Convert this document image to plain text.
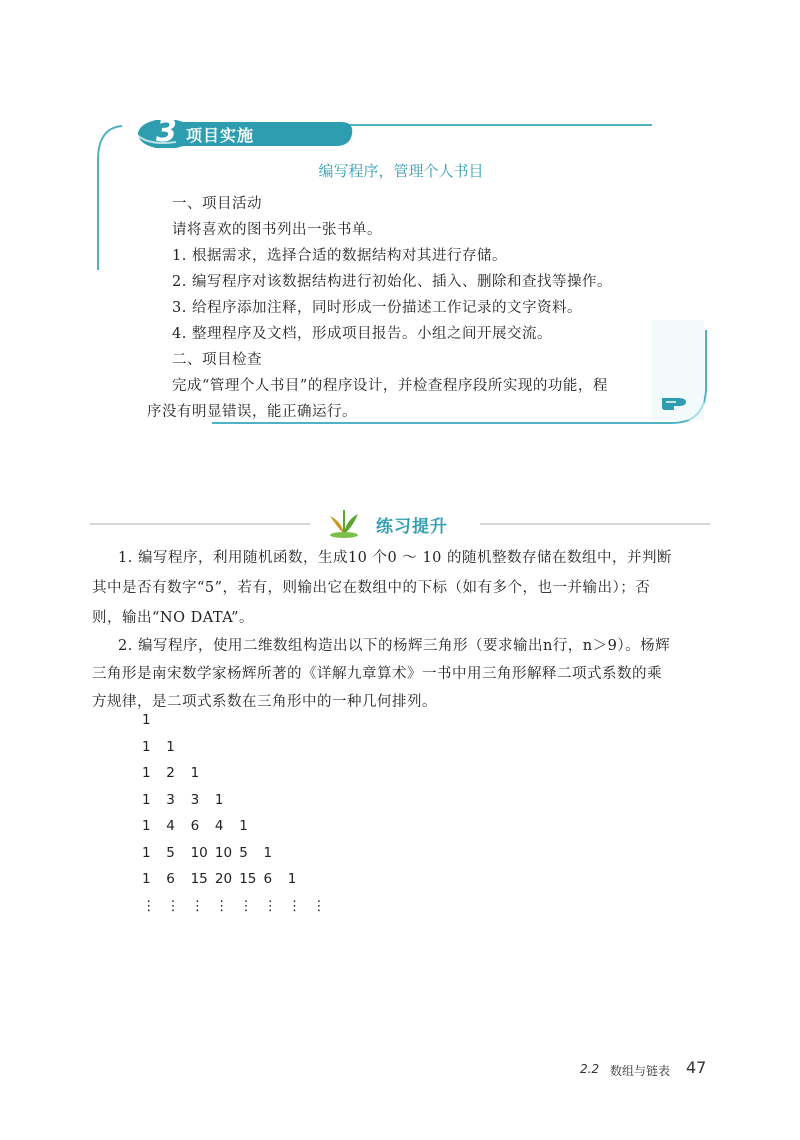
3 项目实施
编写程序，管理个人书目
一、项目活动
请将喜欢的图书列出一张书单。
1. 根据需求，选择合适的数据结构对其进行存储。
2. 编写程序对该数据结构进行初始化、插入、删除和查找等操作。
3. 给程序添加注释，同时形成一份描述工作记录的文字资料。
4. 整理程序及文档，形成项目报告。小组之间开展交流。
二、项目检查
完成“管理个人书目”的程序设计，并检查程序段所实现的功能，程
序没有明显错误，能正确运行。
练习提升
1. 编写程序，利用随机函数，生成10 个0 ～ 10 的随机整数存储在数组中，并判断
其中是否有数字“5”，若有，则输出它在数组中的下标（如有多个，也一并输出）；否
则，输出“NO DATA”。
2. 编写程序，使用二维数组构造出以下的杨辉三角形（要求输出n行，n＞9）。杨辉
三角形是南宋数学家杨辉所著的《详解九章算术》一书中用三角形解释二项式系数的乘
方规律，是二项式系数在三角形中的一种几何排列。
1
1	1
1	2	1
1	3	3	1
1	4	6	4	1
1	5	10 10 5	1
1	6	15 20 15 6	1
⋮ ⋮ ⋮ ⋮ ⋮ ⋮ ⋮ ⋮
2.2 数组与链表 47
